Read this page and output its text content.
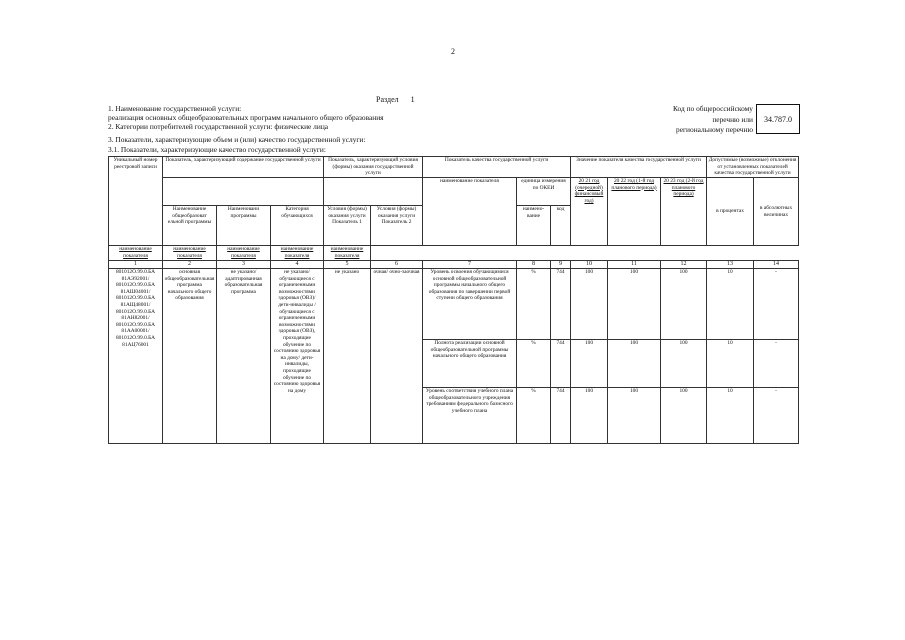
2
Раздел 1
1. Наименование государственной услуги:
реализация основных общеобразовательных программ начального общего образования
2. Категории потребителей государственной услуги: физические лица
3. Показатели, характеризующие объем и (или) качество государственной услуги:
3.1. Показатели, характеризующие качество государственной услуги:
Код по общероссийскому
перечню или
региональному перечню
34.787.0
Уникальный номер реестровой записи	Показатель, характеризующий содержание государственной услуги			Показатель, характеризующий условия (формы) оказания государственной услуги		Показатель качества государственной услуги			Значение показателя качества государственной услуги			Допустимые (возможные) отклонения от установленных показателей качества государственной услуги	
						наименование показателя	единица измерения по ОКЕИ		20 21 год (очередной) финансовый год)	20 22 год (1-й год планового периода)	20 23 год (2-й год планового периода)	в процентах	в абсолютных величинах
							наимено-вание	код					
	Наименование общеобразоват ельной программы	Наименовани программы	Категория обучающихся	Условия (формы) оказания услуги Показатель 1	Условия (формы) оказания услуги Показатель 2								
наименование показателя	наименование показателя	наименование показателя	наименование показателя	наименование показателя									
1	2	3	4	5	6	7	8	9	10	11	12	13	14
801012О.99.0.БА 81АЭ92001/ 801012О.99.0.БА 81АШ04001/ 801012О.99.0.БА 81АЩ48001/ 801012О.99.0.БА 81АН82001/ 801012О.99.0.БА 81АА00001/ 801012О.99.0.БА 81АЦ76001	основная общеобразовательная программа начального общего образования	не указано/ адаптированная образовательная программа	не указано/ обучающиеся с ограниченными возможностями здоровья (ОВЗ)/ дети-инвалиды / обучающиеся с ограниченными возможностями здоровья (ОВЗ), проходящие обучение по состоянию здоровья на дому/ дети-инвалиды, проходящие обучение по состоянию здоровья на дому	не указано	очная/ очно-заочная	Уровень освоения обучающимися основной общеобразовательной программы начального общего образования по завершении первой ступени общего образования	%	744	100	100	100	10	-
						Полнота реализации основной общеобразовательной программы начального общего образования	%	744	100	100	100	10	-
						Уровень соответствия учебного плана общеобразовательного учреждения требованиям федерального базисного учебного плана	%	744	100	100	100	10	-
